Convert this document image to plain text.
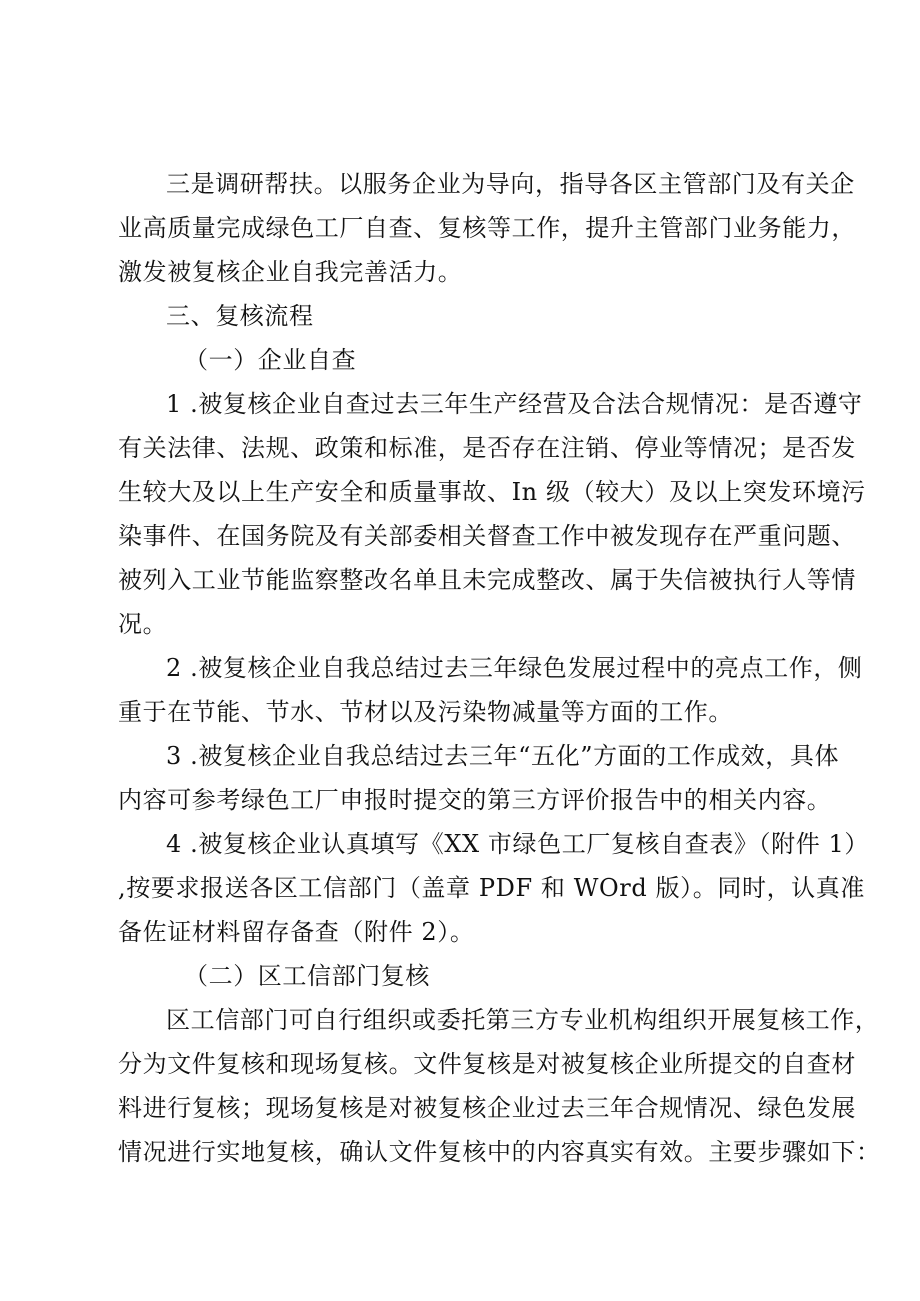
三是调研帮扶。以服务企业为导向，指导各区主管部门及有关企
业高质量完成绿色工厂自查、复核等工作，提升主管部门业务能力，
激发被复核企业自我完善活力。
三、复核流程
（一）企业自查
1 .被复核企业自查过去三年生产经营及合法合规情况：是否遵守
有关法律、法规、政策和标准，是否存在注销、停业等情况；是否发
生较大及以上生产安全和质量事故、In 级（较大）及以上突发环境污
染事件、在国务院及有关部委相关督查工作中被发现存在严重问题、
被列入工业节能监察整改名单且未完成整改、属于失信被执行人等情
况。
2 .被复核企业自我总结过去三年绿色发展过程中的亮点工作，侧
重于在节能、节水、节材以及污染物减量等方面的工作。
3 .被复核企业自我总结过去三年“五化”方面的工作成效，具体
内容可参考绿色工厂申报时提交的第三方评价报告中的相关内容。
4 .被复核企业认真填写《XX 市绿色工厂复核自查表》（附件 1）
,按要求报送各区工信部门（盖章 PDF 和 WOrd 版）。同时，认真准
备佐证材料留存备查（附件 2）。
（二）区工信部门复核
区工信部门可自行组织或委托第三方专业机构组织开展复核工作，
分为文件复核和现场复核。文件复核是对被复核企业所提交的自查材
料进行复核；现场复核是对被复核企业过去三年合规情况、绿色发展
情况进行实地复核，确认文件复核中的内容真实有效。主要步骤如下：
